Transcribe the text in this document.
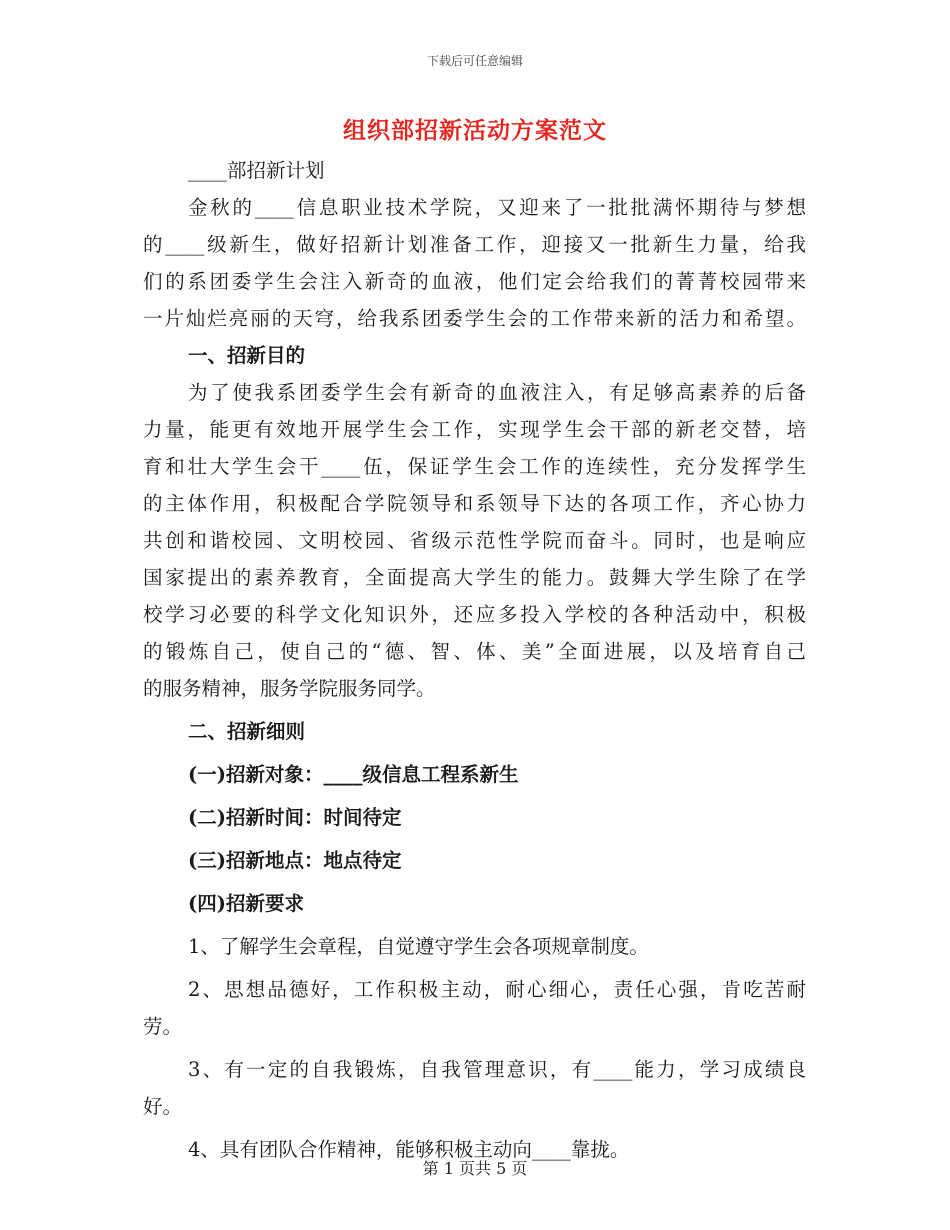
下载后可任意编辑
组织部招新活动方案范文
____部招新计划
金秋的____信息职业技术学院，又迎来了一批批满怀期待与梦想
的____级新生，做好招新计划准备工作，迎接又一批新生力量，给我
们的系团委学生会注入新奇的血液，他们定会给我们的菁菁校园带来
一片灿烂亮丽的天穹，给我系团委学生会的工作带来新的活力和希望。
一、招新目的
为了使我系团委学生会有新奇的血液注入，有足够高素养的后备
力量，能更有效地开展学生会工作，实现学生会干部的新老交替，培
育和壮大学生会干____伍，保证学生会工作的连续性，充分发挥学生
的主体作用，积极配合学院领导和系领导下达的各项工作，齐心协力
共创和谐校园、文明校园、省级示范性学院而奋斗。同时，也是响应
国家提出的素养教育，全面提高大学生的能力。鼓舞大学生除了在学
校学习必要的科学文化知识外，还应多投入学校的各种活动中，积极
的锻炼自己，使自己的“德、智、体、美”全面进展，以及培育自己
的服务精神，服务学院服务同学。
二、招新细则
(一)招新对象：____级信息工程系新生
(二)招新时间：时间待定
(三)招新地点：地点待定
(四)招新要求
1、了解学生会章程，自觉遵守学生会各项规章制度。
2、思想品德好，工作积极主动，耐心细心，责任心强，肯吃苦耐
劳。
3、有一定的自我锻炼，自我管理意识，有____能力，学习成绩良
好。
4、具有团队合作精神，能够积极主动向____靠拢。
第 1 页共 5 页
